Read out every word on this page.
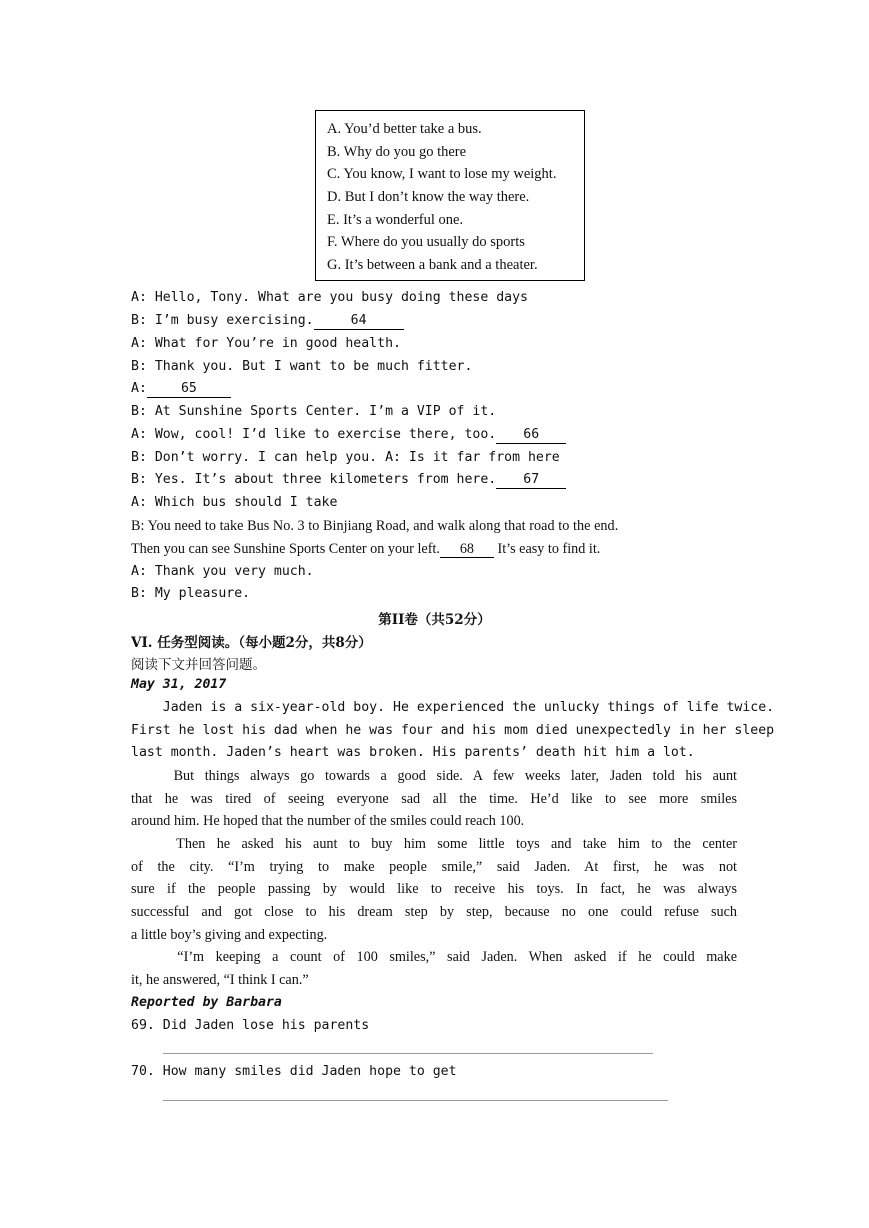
A. You’d better take a bus.
B. Why do you go there
C. You know, I want to lose my weight.
D. But I don’t know the way there.
E. It’s a wonderful one.
F. Where do you usually do sports
G. It’s between a bank and a theater.
A: Hello, Tony. What are you busy doing these days
B: I’m busy exercising.	64
A: What for You’re in good health.
B: Thank you. But I want to be much fitter.
A:	65
B: At Sunshine Sports Center. I’m a VIP of it.
A: Wow, cool! I’d like to exercise there, too. 66
B: Don’t worry. I can help you. A: Is it far from here
B: Yes. It’s about three kilometers from here. 67
A: Which bus should I take
B: You need to take Bus No. 3 to Binjiang Road, and walk along that road to the end.
Then you can see Sunshine Sports Center on your left. 68 It’s easy to find it.
A: Thank you very much.
B: My pleasure.
第II卷（共52分）
VI. 任务型阅读。（每小题2分，共8分）
阅读下文并回答问题。
May 31, 2017
Jaden is a six-year-old boy. He experienced the unlucky things of life twice.
First he lost his dad when he was four and his mom died unexpectedly in her sleep
last month. Jaden’s heart was broken. His parents’ death hit him a lot.
But things always go towards a good side. A few weeks later, Jaden told his aunt
that he was tired of seeing everyone sad all the time. He’d like to see more smiles
around him. He hoped that the number of the smiles could reach 100.
Then he asked his aunt to buy him some little toys and take him to the center
of the city. “I’m trying to make people smile,” said Jaden. At first, he was not
sure if the people passing by would like to receive his toys. In fact, he was always
successful and got close to his dream step by step, because no one could refuse such
a little boy’s giving and expecting.
“I’m keeping a count of 100 smiles,” said Jaden. When asked if he could make
it, he answered, “I think I can.”
Reported by Barbara
69. Did Jaden lose his parents
70. How many smiles did Jaden hope to get
